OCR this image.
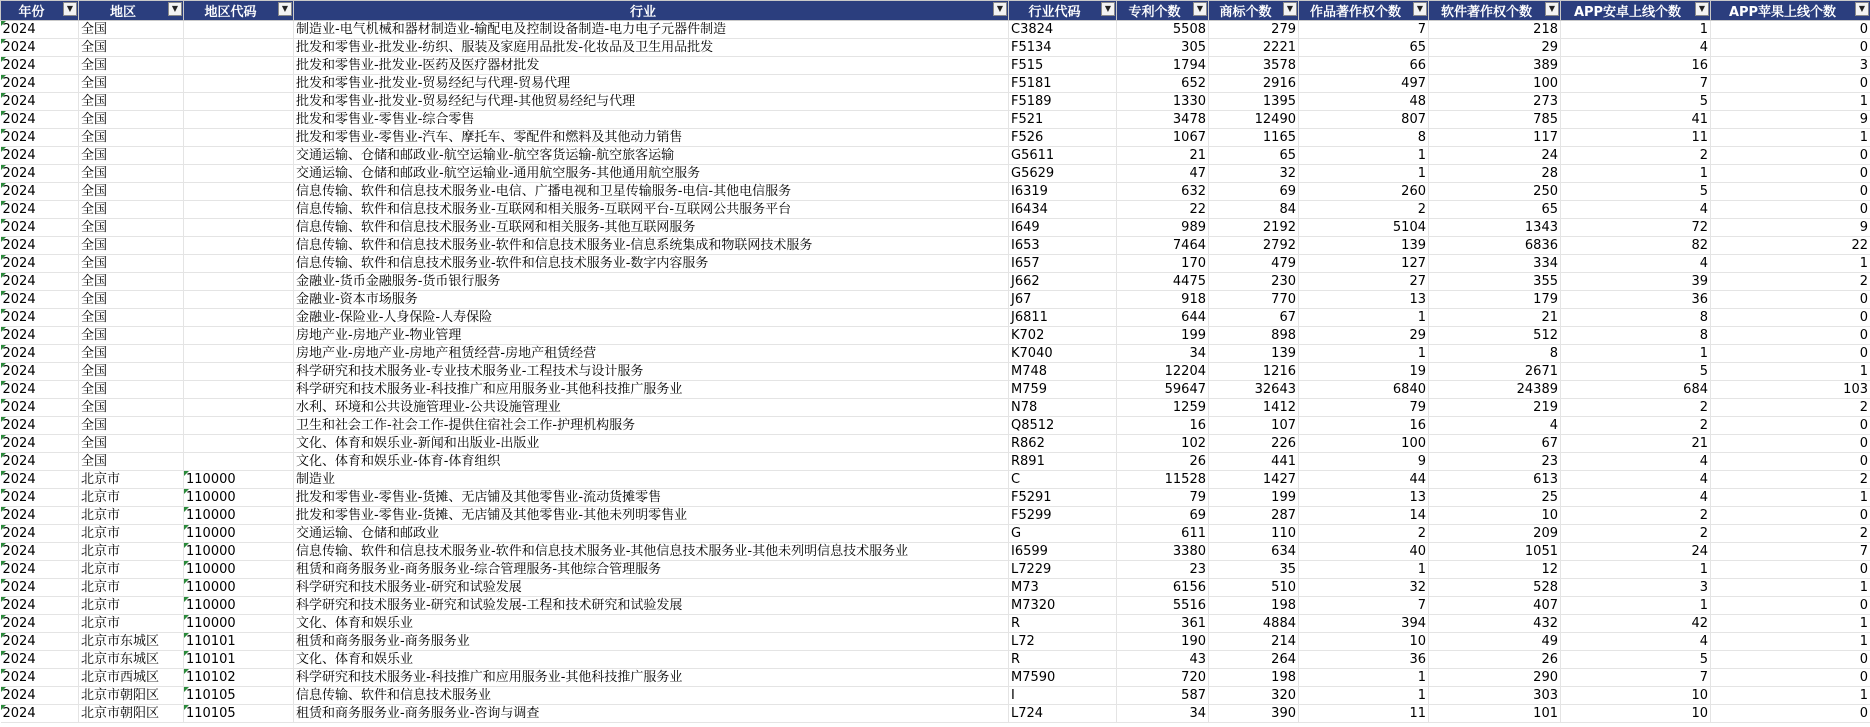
年份 ▼	地区 ▼	地区代码 ▼	行业 ▼	行业代码 ▼	专利个数 ▼	商标个数 ▼	作品著作权个数 ▼	软件著作权个数 ▼	APP安卓上线个数 ▼	APP苹果上线个数 ▼

2024	全国		制造业-电气机械和器材制造业-输配电及控制设备制造-电力电子元器件制造	C3824	5508	279	7	218	1	0
2024	全国		批发和零售业-批发业-纺织、服装及家庭用品批发-化妆品及卫生用品批发	F5134	305	2221	65	29	4	0
2024	全国		批发和零售业-批发业-医药及医疗器材批发	F515	1794	3578	66	389	16	3
2024	全国		批发和零售业-批发业-贸易经纪与代理-贸易代理	F5181	652	2916	497	100	7	0
2024	全国		批发和零售业-批发业-贸易经纪与代理-其他贸易经纪与代理	F5189	1330	1395	48	273	5	1
2024	全国		批发和零售业-零售业-综合零售	F521	3478	12490	807	785	41	9
2024	全国		批发和零售业-零售业-汽车、摩托车、零配件和燃料及其他动力销售	F526	1067	1165	8	117	11	1
2024	全国		交通运输、仓储和邮政业-航空运输业-航空客货运输-航空旅客运输	G5611	21	65	1	24	2	0
2024	全国		交通运输、仓储和邮政业-航空运输业-通用航空服务-其他通用航空服务	G5629	47	32	1	28	1	0
2024	全国		信息传输、软件和信息技术服务业-电信、广播电视和卫星传输服务-电信-其他电信服务	I6319	632	69	260	250	5	0
2024	全国		信息传输、软件和信息技术服务业-互联网和相关服务-互联网平台-互联网公共服务平台	I6434	22	84	2	65	4	0
2024	全国		信息传输、软件和信息技术服务业-互联网和相关服务-其他互联网服务	I649	989	2192	5104	1343	72	9
2024	全国		信息传输、软件和信息技术服务业-软件和信息技术服务业-信息系统集成和物联网技术服务	I653	7464	2792	139	6836	82	22
2024	全国		信息传输、软件和信息技术服务业-软件和信息技术服务业-数字内容服务	I657	170	479	127	334	4	1
2024	全国		金融业-货币金融服务-货币银行服务	J662	4475	230	27	355	39	2
2024	全国		金融业-资本市场服务	J67	918	770	13	179	36	0
2024	全国		金融业-保险业-人身保险-人寿保险	J6811	644	67	1	21	8	0
2024	全国		房地产业-房地产业-物业管理	K702	199	898	29	512	8	0
2024	全国		房地产业-房地产业-房地产租赁经营-房地产租赁经营	K7040	34	139	1	8	1	0
2024	全国		科学研究和技术服务业-专业技术服务业-工程技术与设计服务	M748	12204	1216	19	2671	5	1
2024	全国		科学研究和技术服务业-科技推广和应用服务业-其他科技推广服务业	M759	59647	32643	6840	24389	684	103
2024	全国		水利、环境和公共设施管理业-公共设施管理业	N78	1259	1412	79	219	2	2
2024	全国		卫生和社会工作-社会工作-提供住宿社会工作-护理机构服务	Q8512	16	107	16	4	2	0
2024	全国		文化、体育和娱乐业-新闻和出版业-出版业	R862	102	226	100	67	21	0
2024	全国		文化、体育和娱乐业-体育-体育组织	R891	26	441	9	23	4	0
2024	北京市	110000	制造业	C	11528	1427	44	613	4	2
2024	北京市	110000	批发和零售业-零售业-货摊、无店铺及其他零售业-流动货摊零售	F5291	79	199	13	25	4	1
2024	北京市	110000	批发和零售业-零售业-货摊、无店铺及其他零售业-其他未列明零售业	F5299	69	287	14	10	2	0
2024	北京市	110000	交通运输、仓储和邮政业	G	611	110	2	209	2	2
2024	北京市	110000	信息传输、软件和信息技术服务业-软件和信息技术服务业-其他信息技术服务业-其他未列明信息技术服务业	I6599	3380	634	40	1051	24	7
2024	北京市	110000	租赁和商务服务业-商务服务业-综合管理服务-其他综合管理服务	L7229	23	35	1	12	1	0
2024	北京市	110000	科学研究和技术服务业-研究和试验发展	M73	6156	510	32	528	3	1
2024	北京市	110000	科学研究和技术服务业-研究和试验发展-工程和技术研究和试验发展	M7320	5516	198	7	407	1	0
2024	北京市	110000	文化、体育和娱乐业	R	361	4884	394	432	42	1
2024	北京市东城区	110101	租赁和商务服务业-商务服务业	L72	190	214	10	49	4	1
2024	北京市东城区	110101	文化、体育和娱乐业	R	43	264	36	26	5	0
2024	北京市西城区	110102	科学研究和技术服务业-科技推广和应用服务业-其他科技推广服务业	M7590	720	198	1	290	7	0
2024	北京市朝阳区	110105	信息传输、软件和信息技术服务业	I	587	320	1	303	10	1
2024	北京市朝阳区	110105	租赁和商务服务业-商务服务业-咨询与调查	L724	34	390	11	101	10	0
